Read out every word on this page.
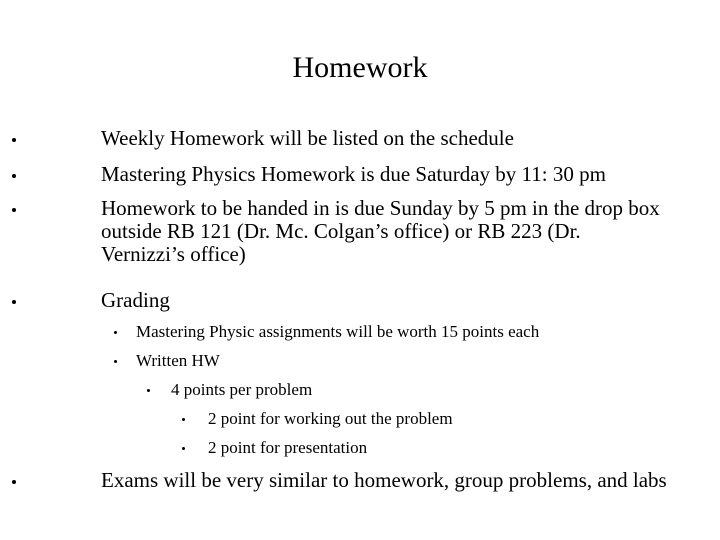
Homework
Weekly Homework will be listed on the schedule
Mastering Physics Homework is due Saturday by 11: 30 pm
Homework to be handed in is due Sunday by 5 pm in the drop box outside RB 121 (Dr. Mc. Colgan’s office) or RB 223 (Dr. Vernizzi’s office)
Grading
Mastering Physic assignments will be worth 15 points each
Written HW
4 points per problem
2 point for working out the problem
2 point for presentation
Exams will be very similar to homework, group problems, and labs
